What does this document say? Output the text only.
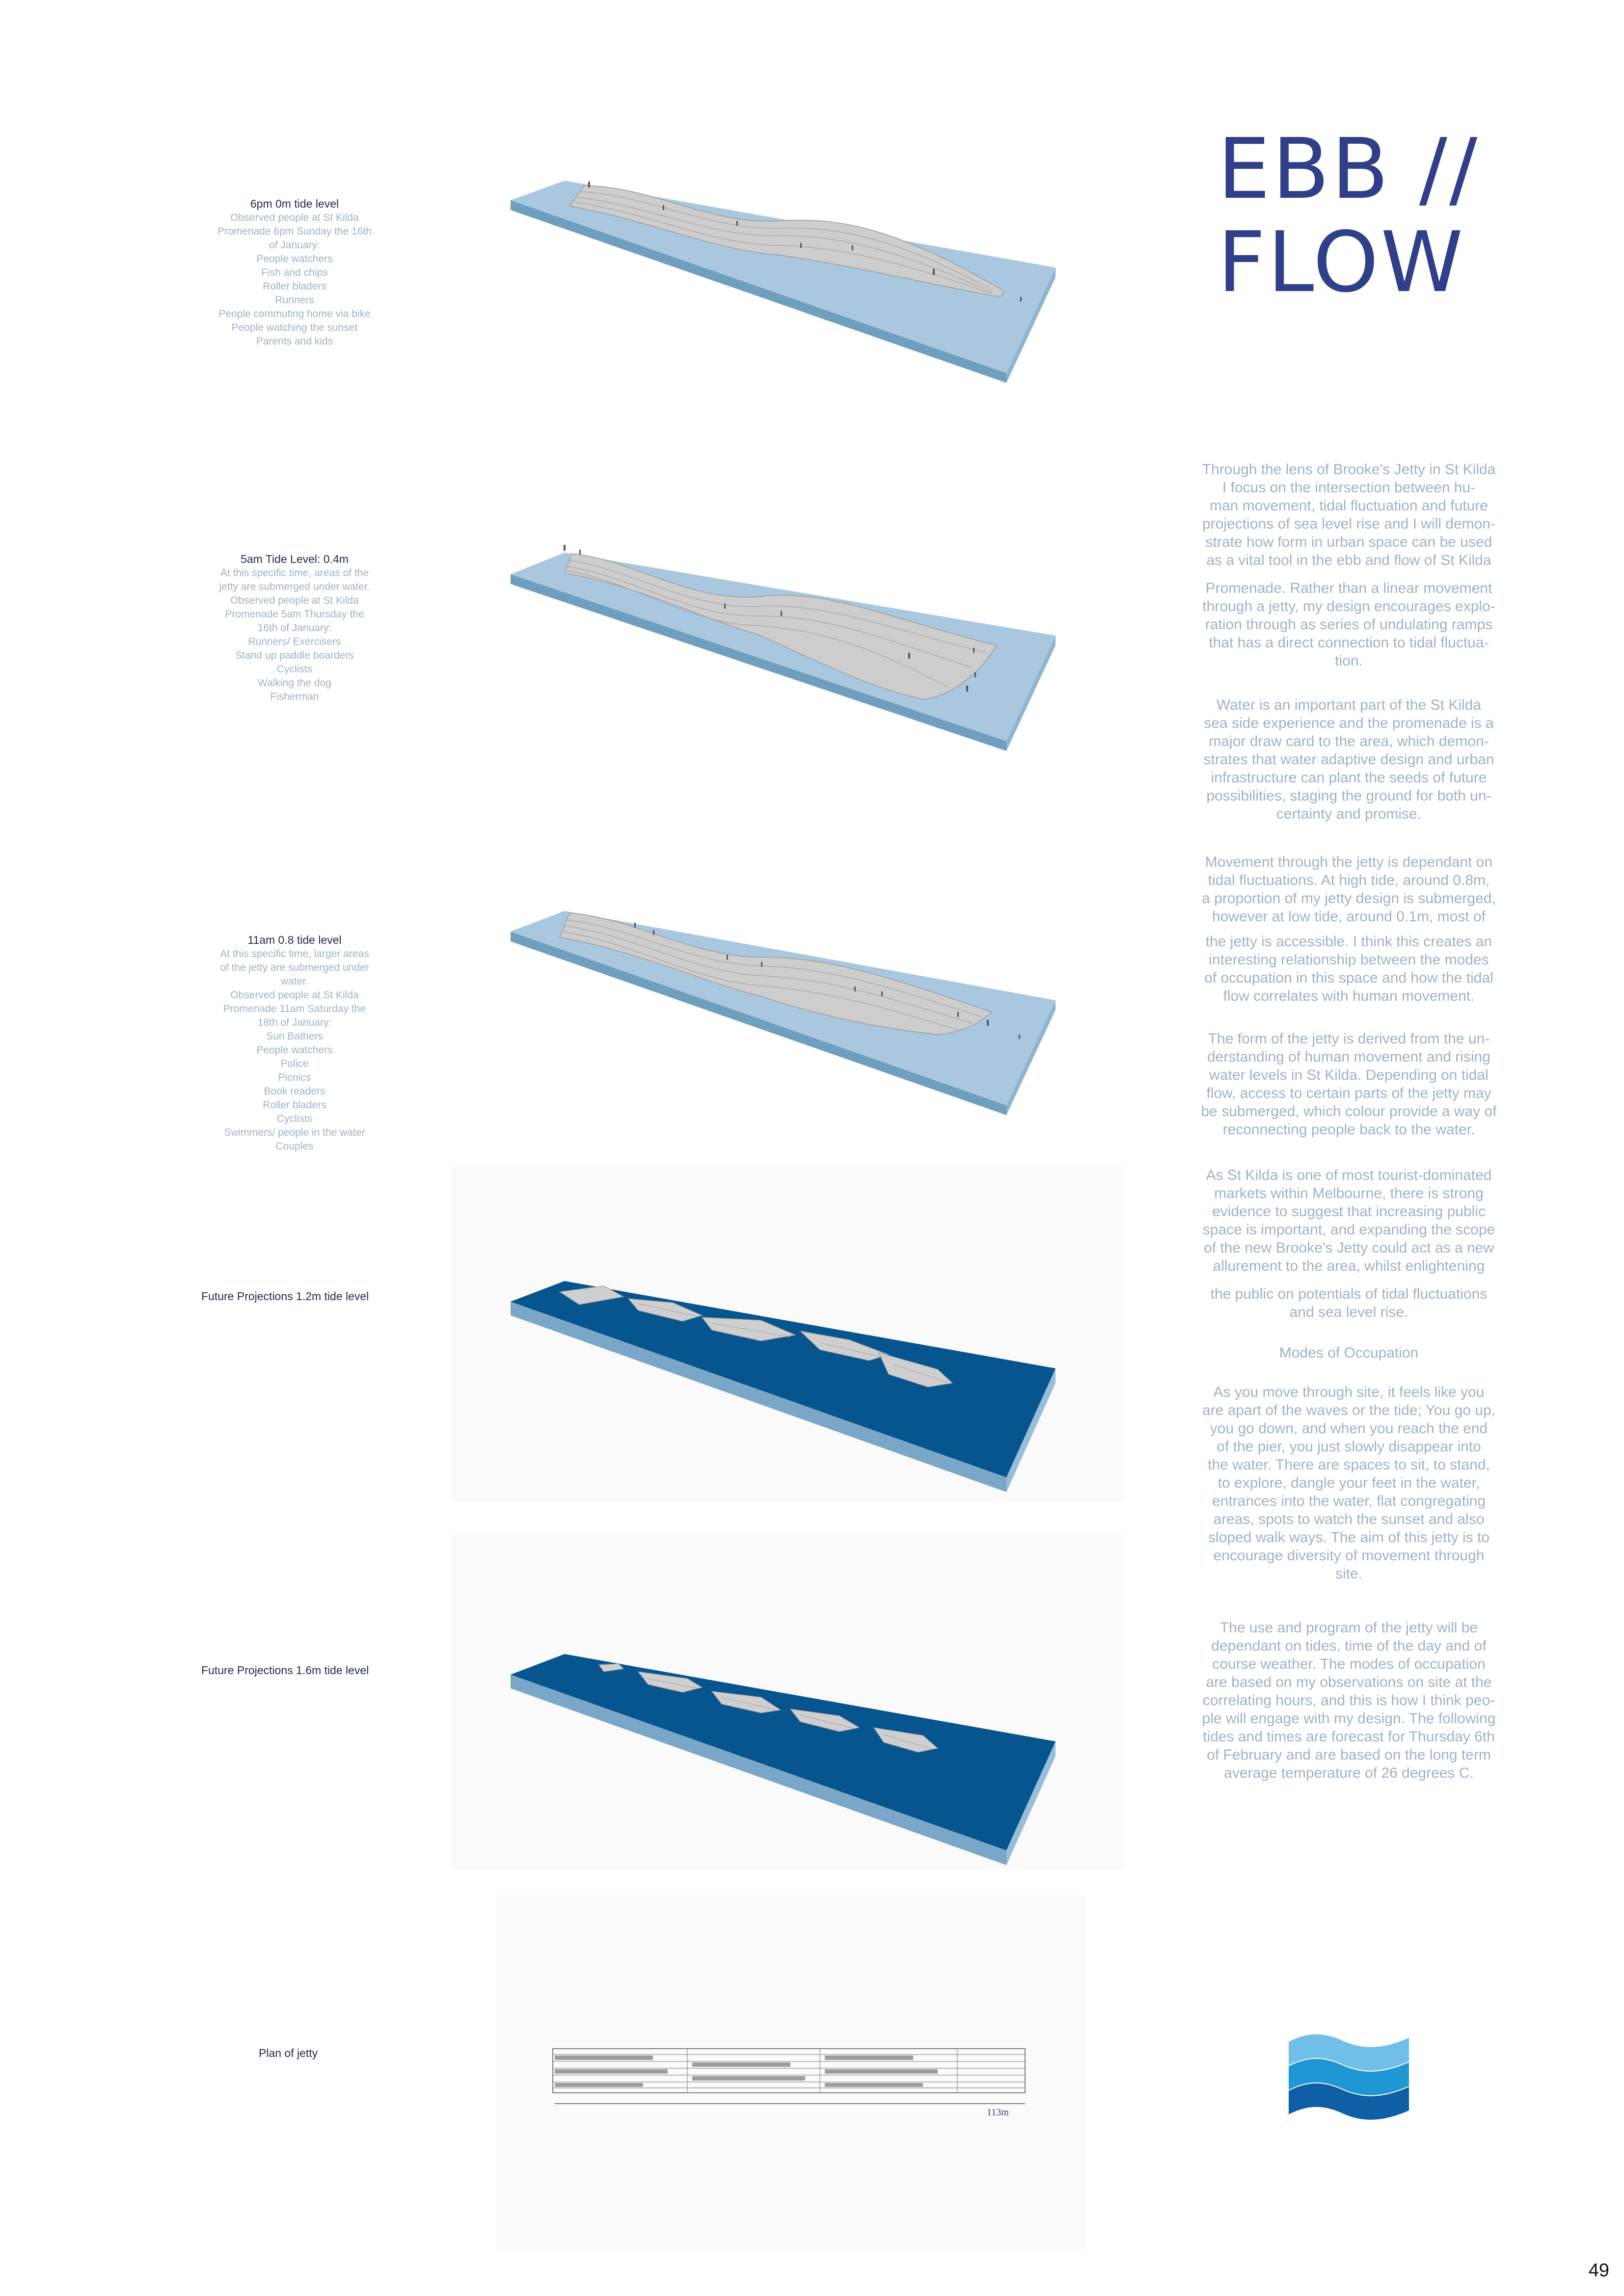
6pm 0m tide level
Observed people at St Kilda
Promenade 6pm Sunday the 16th
of January:
People watchers
Fish and chips
Roller bladers
Runners
People commuting home via bike
People watching the sunset
Parents and kids
5am Tide Level: 0.4m
At this specific time, areas of the
jetty are submerged under water.
Observed people at St Kilda
Promenade 5am Thursday the
16th of January:
Runners/ Exercisers
Stand up paddle boarders
Cyclists
Walking the dog
Fisherman
11am 0.8 tide level
At this specific time, larger areas
of the jetty are submerged under
water.
Observed people at St Kilda
Promenade 11am Saturday the
18th of January:
Sun Bathers
People watchers
Police
Picnics
Book readers
Roller bladers
Cyclists
Swimmers/ people in the water
Couples
Future Projections 1.2m tide level
Future Projections 1.6m tide level
Plan of jetty
113m
EBB //
FLOW
Through the lens of Brooke's Jetty in St Kilda
I focus on the intersection between hu-
man movement, tidal fluctuation and future
projections of sea level rise and I will demon-
strate how form in urban space can be used
as a vital tool in the ebb and flow of St Kilda
Promenade. Rather than a linear movement
through a jetty, my design encourages explo-
ration through as series of undulating ramps
that has a direct connection to tidal fluctua-
tion.
Water is an important part of the St Kilda
sea side experience and the promenade is a
major draw card to the area, which demon-
strates that water adaptive design and urban
infrastructure can plant the seeds of future
possibilities, staging the ground for both un-
certainty and promise.
Movement through the jetty is dependant on
tidal fluctuations. At high tide, around 0.8m,
a proportion of my jetty design is submerged,
however at low tide, around 0.1m, most of
the jetty is accessible. I think this creates an
interesting relationship between the modes
of occupation in this space and how the tidal
flow correlates with human movement.
The form of the jetty is derived from the un-
derstanding of human movement and rising
water levels in St Kilda. Depending on tidal
flow, access to certain parts of the jetty may
be submerged, which colour provide a way of
reconnecting people back to the water.
As St Kilda is one of most tourist-dominated
markets within Melbourne, there is strong
evidence to suggest that increasing public
space is important, and expanding the scope
of the new Brooke's Jetty could act as a new
allurement to the area, whilst enlightening
the public on potentials of tidal fluctuations
and sea level rise.
Modes of Occupation
As you move through site, it feels like you
are apart of the waves or the tide; You go up,
you go down, and when you reach the end
of the pier, you just slowly disappear into
the water. There are spaces to sit, to stand,
to explore, dangle your feet in the water,
entrances into the water, flat congregating
areas, spots to watch the sunset and also
sloped walk ways. The aim of this jetty is to
encourage diversity of movement through
site.
The use and program of the jetty will be
dependant on tides, time of the day and of
course weather. The modes of occupation
are based on my observations on site at the
correlating hours, and this is how I think peo-
ple will engage with my design. The following
tides and times are forecast for Thursday 6th
of February and are based on the long term
average temperature of 26 degrees C.
49
